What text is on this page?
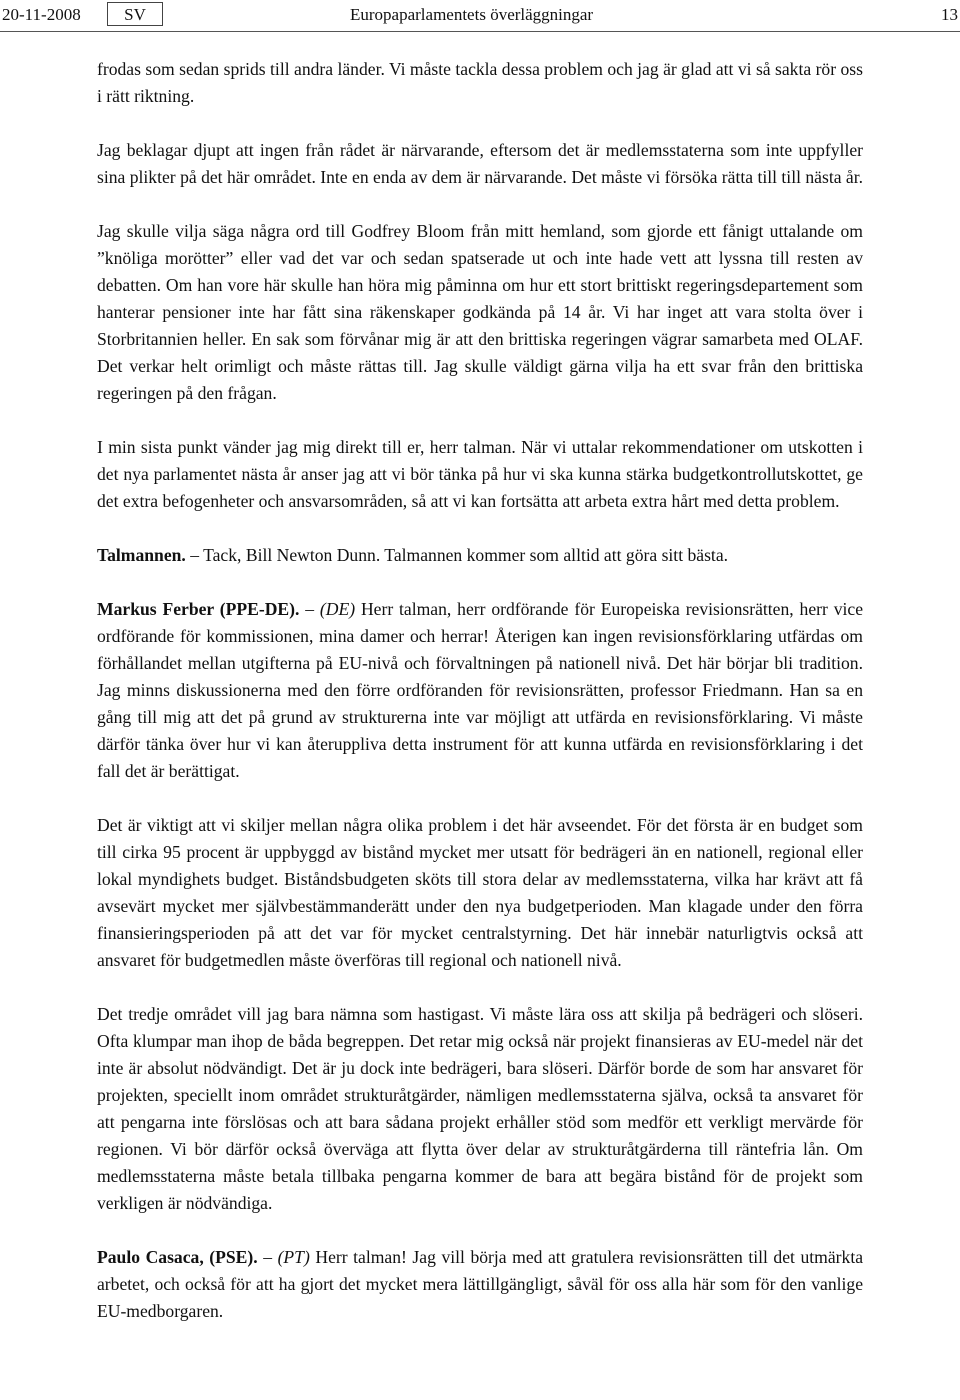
20-11-2008	SV	Europaparlamentets överläggningar	13

frodas som sedan sprids till andra länder. Vi måste tackla dessa problem och jag är glad att vi så sakta rör oss i rätt riktning.

Jag beklagar djupt att ingen från rådet är närvarande, eftersom det är medlemsstaterna som inte uppfyller sina plikter på det här området. Inte en enda av dem är närvarande. Det måste vi försöka rätta till till nästa år.

Jag skulle vilja säga några ord till Godfrey Bloom från mitt hemland, som gjorde ett fånigt uttalande om ”knöliga morötter” eller vad det var och sedan spatserade ut och inte hade vett att lyssna till resten av debatten. Om han vore här skulle han höra mig påminna om hur ett stort brittiskt regeringsdepartement som hanterar pensioner inte har fått sina räkenskaper godkända på 14 år. Vi har inget att vara stolta över i Storbritannien heller. En sak som förvånar mig är att den brittiska regeringen vägrar samarbeta med OLAF. Det verkar helt orimligt och måste rättas till. Jag skulle väldigt gärna vilja ha ett svar från den brittiska regeringen på den frågan.

I min sista punkt vänder jag mig direkt till er, herr talman. När vi uttalar rekommendationer om utskotten i det nya parlamentet nästa år anser jag att vi bör tänka på hur vi ska kunna stärka budgetkontrollutskottet, ge det extra befogenheter och ansvarsområden, så att vi kan fortsätta att arbeta extra hårt med detta problem.

Talmannen. – Tack, Bill Newton Dunn. Talmannen kommer som alltid att göra sitt bästa.

Markus Ferber (PPE-DE). – (DE) Herr talman, herr ordförande för Europeiska revisionsrätten, herr vice ordförande för kommissionen, mina damer och herrar! Återigen kan ingen revisionsförklaring utfärdas om förhållandet mellan utgifterna på EU-nivå och förvaltningen på nationell nivå. Det här börjar bli tradition. Jag minns diskussionerna med den förre ordföranden för revisionsrätten, professor Friedmann. Han sa en gång till mig att det på grund av strukturerna inte var möjligt att utfärda en revisionsförklaring. Vi måste därför tänka över hur vi kan återuppliva detta instrument för att kunna utfärda en revisionsförklaring i det fall det är berättigat.

Det är viktigt att vi skiljer mellan några olika problem i det här avseendet. För det första är en budget som till cirka 95 procent är uppbyggd av bistånd mycket mer utsatt för bedrägeri än en nationell, regional eller lokal myndighets budget. Biståndsbudgeten sköts till stora delar av medlemsstaterna, vilka har krävt att få avsevärt mycket mer självbestämmanderätt under den nya budgetperioden. Man klagade under den förra finansieringsperioden på att det var för mycket centralstyrning. Det här innebär naturligtvis också att ansvaret för budgetmedlen måste överföras till regional och nationell nivå.

Det tredje området vill jag bara nämna som hastigast. Vi måste lära oss att skilja på bedrägeri och slöseri. Ofta klumpar man ihop de båda begreppen. Det retar mig också när projekt finansieras av EU-medel när det inte är absolut nödvändigt. Det är ju dock inte bedrägeri, bara slöseri. Därför borde de som har ansvaret för projekten, speciellt inom området strukturåtgärder, nämligen medlemsstaterna själva, också ta ansvaret för att pengarna inte förslösas och att bara sådana projekt erhåller stöd som medför ett verkligt mervärde för regionen. Vi bör därför också överväga att flytta över delar av strukturåtgärderna till räntefria lån. Om medlemsstaterna måste betala tillbaka pengarna kommer de bara att begära bistånd för de projekt som verkligen är nödvändiga.

Paulo Casaca, (PSE). – (PT) Herr talman! Jag vill börja med att gratulera revisionsrätten till det utmärkta arbetet, och också för att ha gjort det mycket mera lättillgängligt, såväl för oss alla här som för den vanlige EU-medborgaren.
